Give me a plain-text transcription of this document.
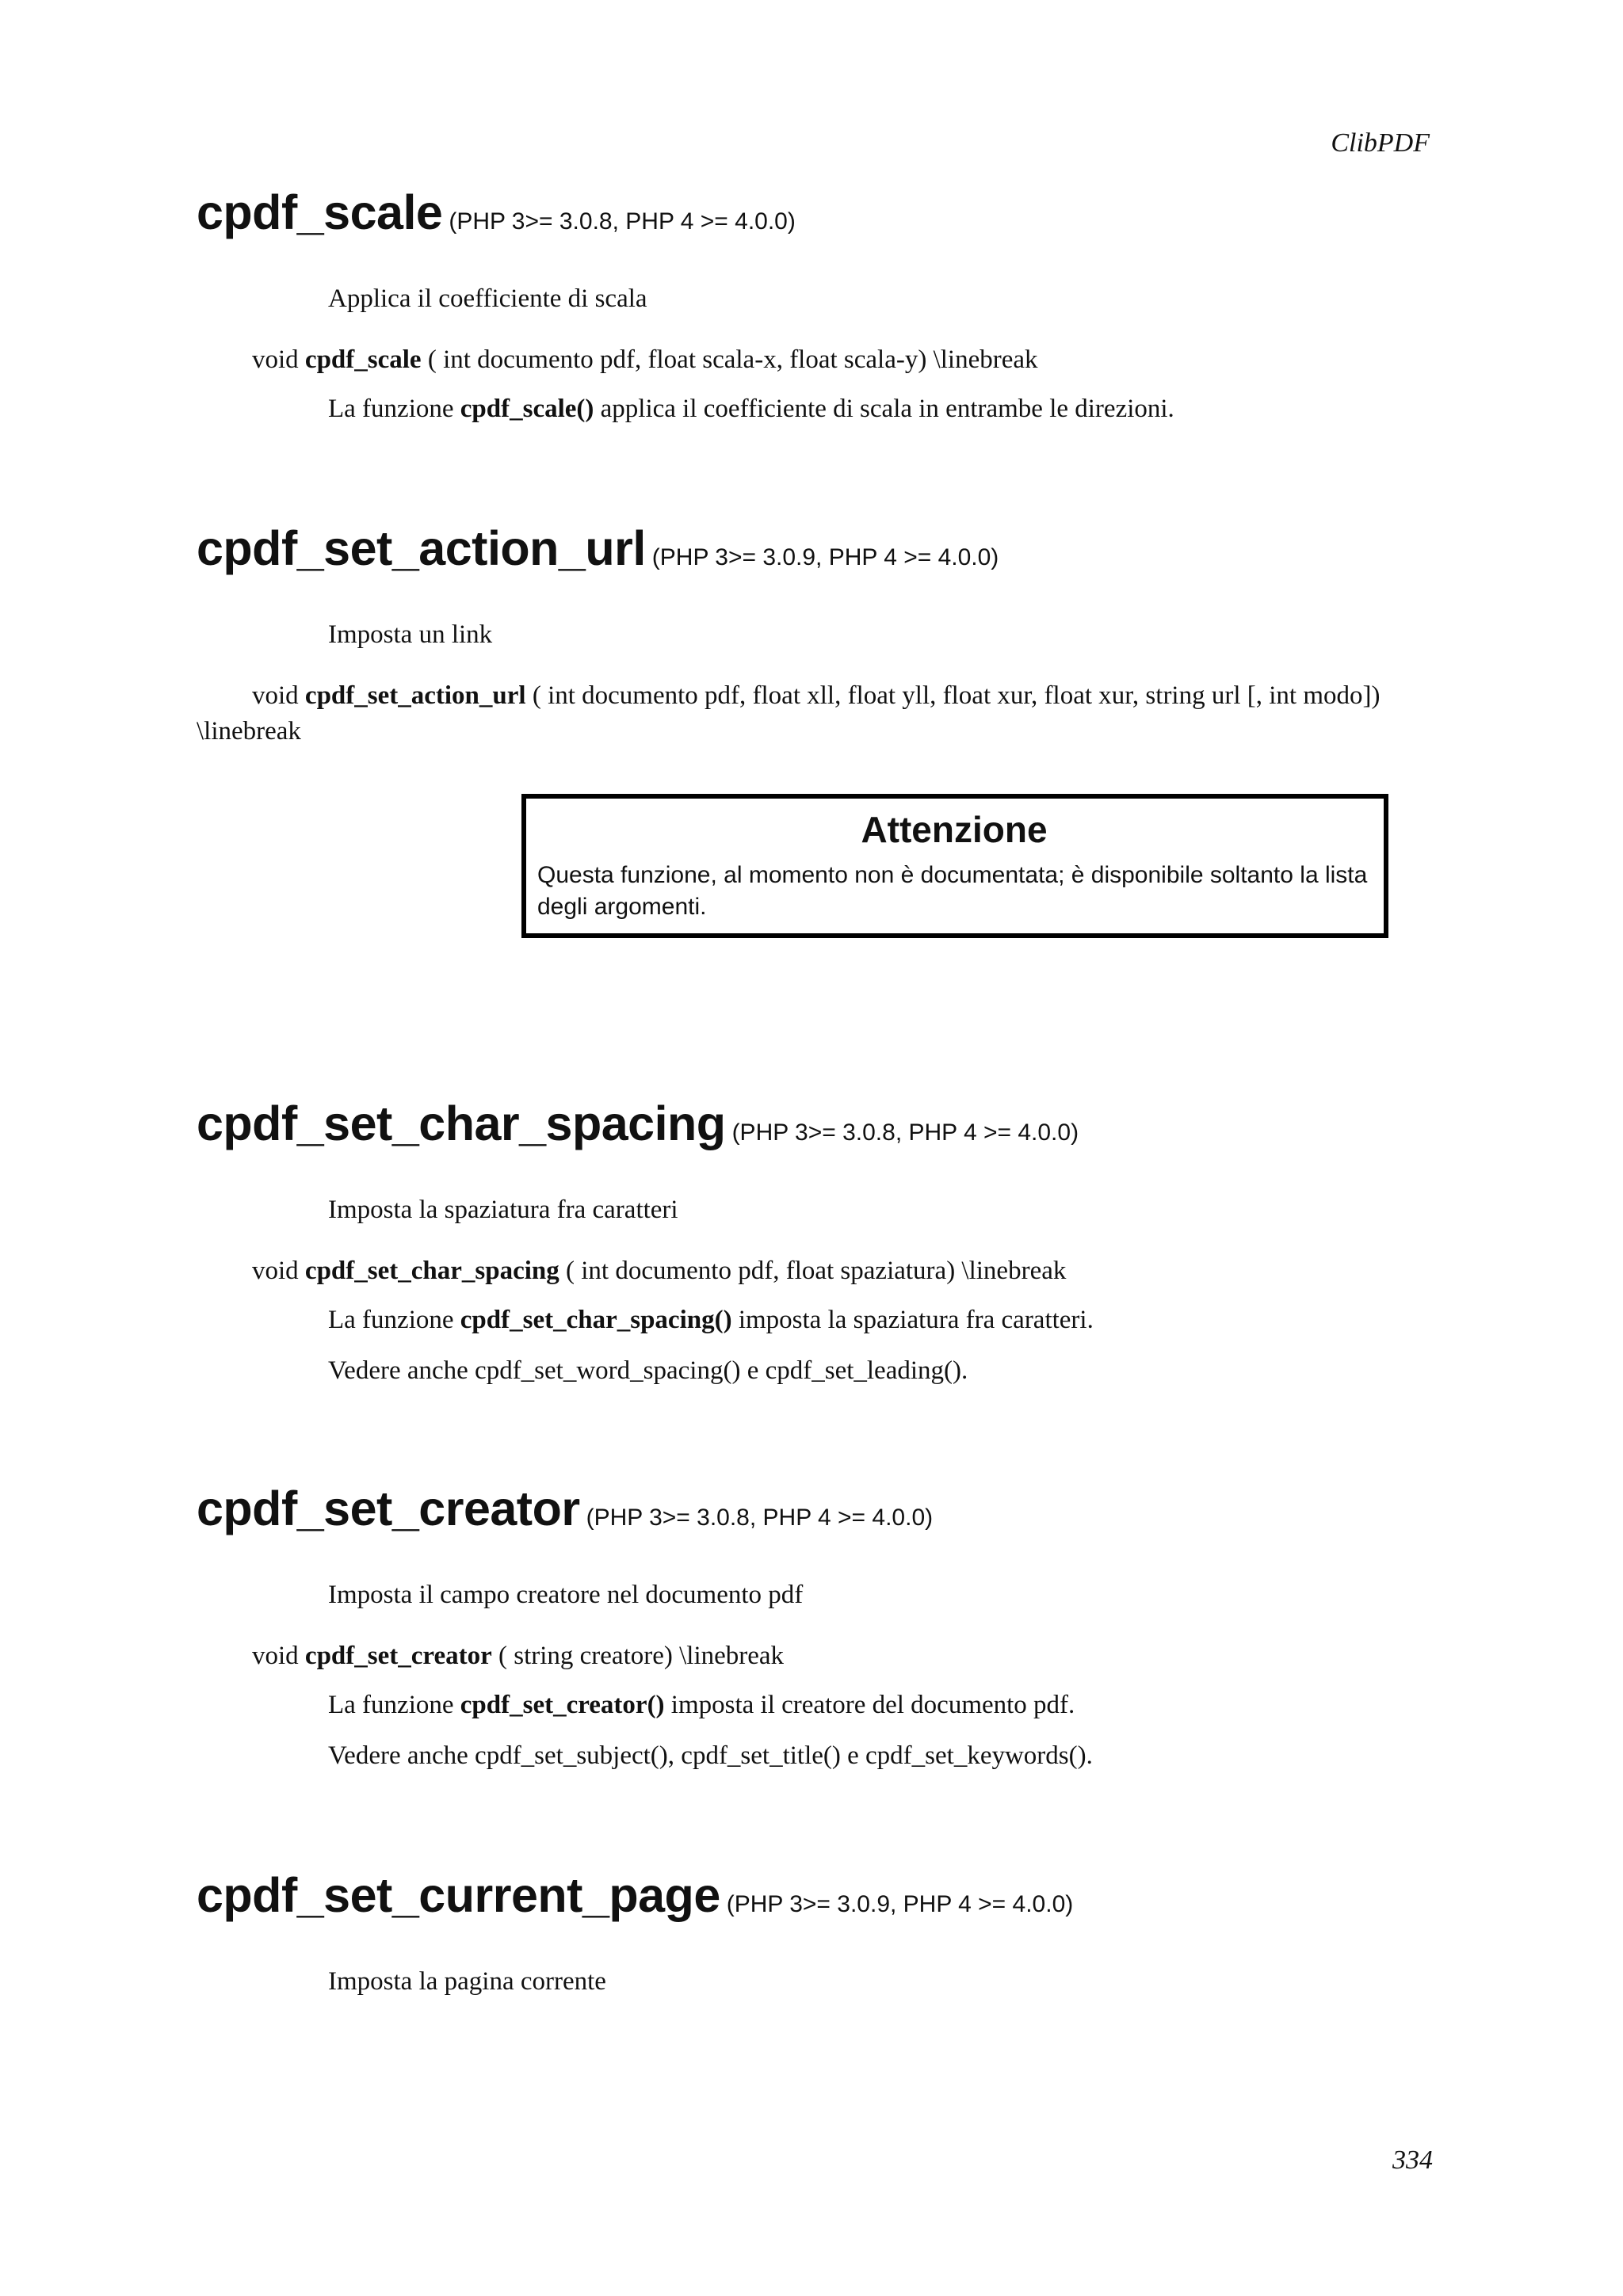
ClibPDF
cpdf_scale (PHP 3>= 3.0.8, PHP 4 >= 4.0.0)
Applica il coefficiente di scala
void cpdf_scale ( int documento pdf, float scala-x, float scala-y) \linebreak
La funzione cpdf_scale() applica il coefficiente di scala in entrambe le direzioni.
cpdf_set_action_url (PHP 3>= 3.0.9, PHP 4 >= 4.0.0)
Imposta un link
void cpdf_set_action_url ( int documento pdf, float xll, float yll, float xur, float xur, string url [, int modo]) \linebreak
Attenzione
Questa funzione, al momento non è documentata; è disponibile soltanto la lista degli argomenti.
cpdf_set_char_spacing (PHP 3>= 3.0.8, PHP 4 >= 4.0.0)
Imposta la spaziatura fra caratteri
void cpdf_set_char_spacing ( int documento pdf, float spaziatura) \linebreak
La funzione cpdf_set_char_spacing() imposta la spaziatura fra caratteri.
Vedere anche cpdf_set_word_spacing() e cpdf_set_leading().
cpdf_set_creator (PHP 3>= 3.0.8, PHP 4 >= 4.0.0)
Imposta il campo creatore nel documento pdf
void cpdf_set_creator ( string creatore) \linebreak
La funzione cpdf_set_creator() imposta il creatore del documento pdf.
Vedere anche cpdf_set_subject(), cpdf_set_title() e cpdf_set_keywords().
cpdf_set_current_page (PHP 3>= 3.0.9, PHP 4 >= 4.0.0)
Imposta la pagina corrente
334
